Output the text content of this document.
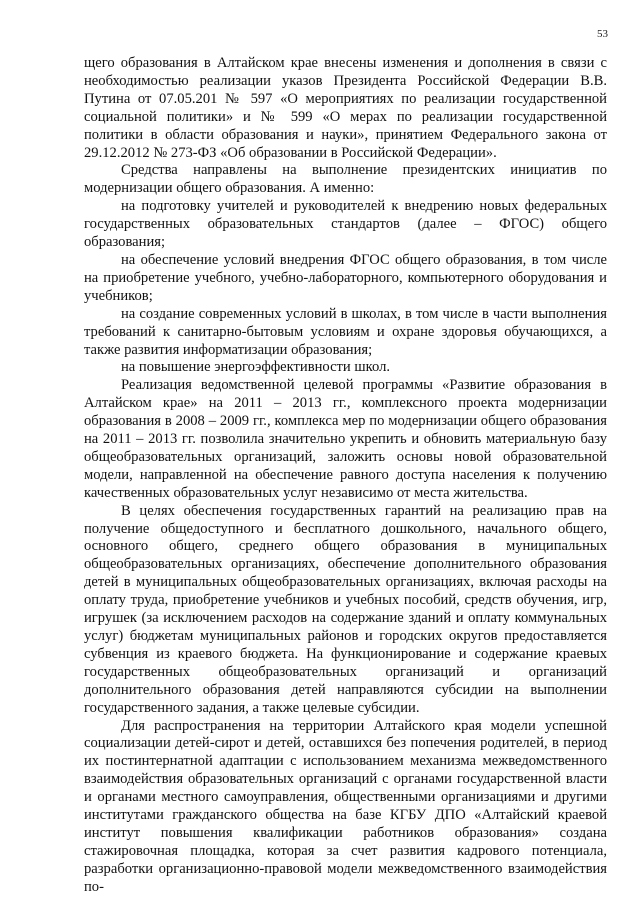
53

щего образования в Алтайском крае внесены изменения и дополнения в связи с необходимостью реализации указов Президента Российской Федерации В.В. Путина от 07.05.201 № 597 «О мероприятиях по реализации государственной социальной политики» и № 599 «О мерах по реализации государственной политики в области образования и науки», принятием Федерального закона от 29.12.2012 № 273-ФЗ «Об образовании в Российской Федерации».

Средства направлены на выполнение президентских инициатив по модернизации общего образования. А именно:

на подготовку учителей и руководителей к внедрению новых федеральных государственных образовательных стандартов (далее – ФГОС) общего образования;

на обеспечение условий внедрения ФГОС общего образования, в том числе на приобретение учебного, учебно-лабораторного, компьютерного оборудования и учебников;

на создание современных условий в школах, в том числе в части выполнения требований к санитарно-бытовым условиям и охране здоровья обучающихся, а также развития информатизации образования;

на повышение энергоэффективности школ.

Реализация ведомственной целевой программы «Развитие образования в Алтайском крае» на 2011 – 2013 гг., комплексного проекта модернизации образования в 2008 – 2009 гг., комплекса мер по модернизации общего образования на 2011 – 2013 гг. позволила значительно укрепить и обновить материальную базу общеобразовательных организаций, заложить основы новой образовательной модели, направленной на обеспечение равного доступа населения к получению качественных образовательных услуг независимо от места жительства.

В целях обеспечения государственных гарантий на реализацию прав на получение общедоступного и бесплатного дошкольного, начального общего, основного общего, среднего общего образования в муниципальных общеобразовательных организациях, обеспечение дополнительного образования детей в муниципальных общеобразовательных организациях, включая расходы на оплату труда, приобретение учебников и учебных пособий, средств обучения, игр, игрушек (за исключением расходов на содержание зданий и оплату коммунальных услуг) бюджетам муниципальных районов и городских округов предоставляется субвенция из краевого бюджета. На функционирование и содержание краевых государственных общеобразовательных организаций и организаций дополнительного образования детей направляются субсидии на выполнении государственного задания, а также целевые субсидии.

Для распространения на территории Алтайского края модели успешной социализации детей-сирот и детей, оставшихся без попечения родителей, в период их постинтернатной адаптации с использованием механизма межведомственного взаимодействия образовательных организаций с органами государственной власти и органами местного самоуправления, общественными организациями и другими институтами гражданского общества на базе КГБУ ДПО «Алтайский краевой институт повышения квалификации работников образования» создана стажировочная площадка, которая за счет развития кадрового потенциала, разработки организационно-правовой модели межведомственного взаимодействия по-
